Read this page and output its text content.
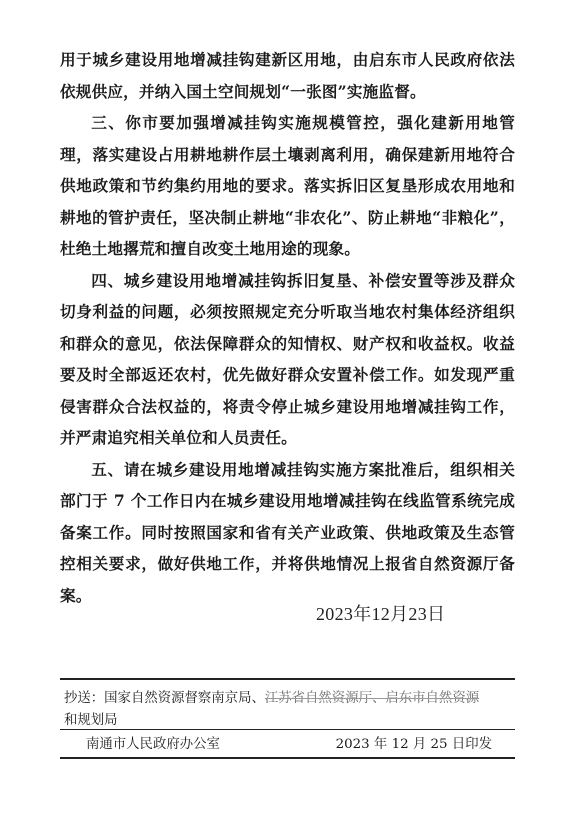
用于城乡建设用地增减挂钩建新区用地，由启东市人民政府依法依规供应，并纳入国土空间规划“一张图”实施监督。

三、你市要加强增减挂钩实施规模管控，强化建新用地管理，落实建设占用耕地耕作层土壤剥离利用，确保建新用地符合供地政策和节约集约用地的要求。落实拆旧区复垦形成农用地和耕地的管护责任，坚决制止耕地“非农化”、防止耕地“非粮化”，杜绝土地撂荒和擅自改变土地用途的现象。

四、城乡建设用地增减挂钩拆旧复垦、补偿安置等涉及群众切身利益的问题，必须按照规定充分听取当地农村集体经济组织和群众的意见，依法保障群众的知情权、财产权和收益权。收益要及时全部返还农村，优先做好群众安置补偿工作。如发现严重侵害群众合法权益的，将责令停止城乡建设用地增减挂钩工作，并严肃追究相关单位和人员责任。

五、请在城乡建设用地增减挂钩实施方案批准后，组织相关部门于 7 个工作日内在城乡建设用地增减挂钩在线监管系统完成备案工作。同时按照国家和省有关产业政策、供地政策及生态管控相关要求，做好供地工作，并将供地情况上报省自然资源厅备案。

2023年12月23日
抄送：国家自然资源督察南京局、江苏省自然资源厅、启东市自然资源
和规划局
南通市人民政府办公室	2023 年 12 月 25 日印发
